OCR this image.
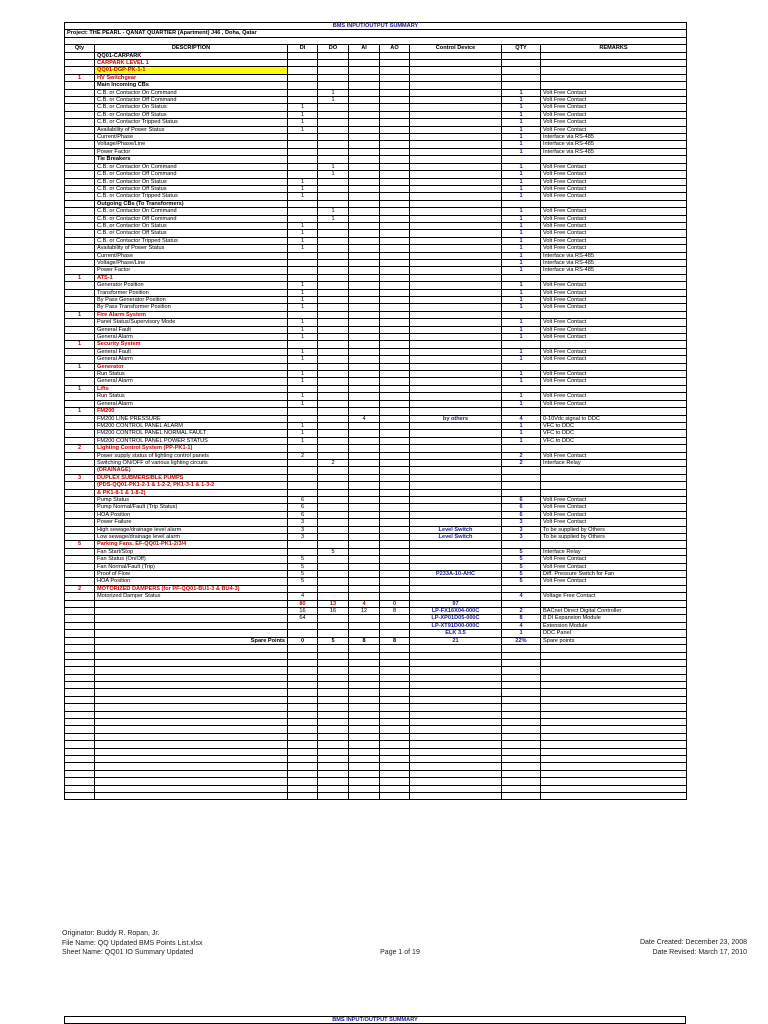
BMS INPUT/OUTPUT SUMMARY								
Project: THE PEARL - QANAT QUARTIER (Apartment) J46 , Doha, Qatar								

Qty	DESCRIPTION	DI	DO	AI	AO	Control Device	QTY	REMARKS
	QQ01-CARPARK							
	CARPARK LEVEL 1							
	QQ01-DGP-PK-1-1							
1	HV Switchgear							
	Main Incoming CBs							
	C.B. or Contactor On Command		1				1	Volt Free Contact
	C.B. or Contactor Off Command		1				1	Volt Free Contact
	C.B. or Contactor On Status	1					1	Volt Free Contact
	C.B. or Contactor Off Status	1					1	Volt Free Contact
	C.B. or Contactor Tripped Status	1					1	Volt Free Contact
	Availability of Power Status	1					1	Volt Free Contact
	Current/Phase						1	Interface via RS-485
	Voltage/Phase/Line						1	Interface via RS-485
	Power Factor						1	Interface via RS-485
	Tie Breakers							
	C.B. or Contactor On Command		1				1	Volt Free Contact
	C.B. or Contactor Off Command		1				1	Volt Free Contact
	C.B. or Contactor On Status	1					1	Volt Free Contact
	C.B. or Contactor Off Status	1					1	Volt Free Contact
	C.B. or Contactor Tripped Status	1					1	Volt Free Contact
	Outgoing CBs (To Transformers)							
	C.B. or Contactor On Command		1				1	Volt Free Contact
	C.B. or Contactor Off Command		1				1	Volt Free Contact
	C.B. or Contactor On Status	1					1	Volt Free Contact
	C.B. or Contactor Off Status	1					1	Volt Free Contact
	C.B. or Contactor Tripped Status	1					1	Volt Free Contact
	Availability of Power Status	1					1	Volt Free Contact
	Current/Phase						1	Interface via RS-485
	Voltage/Phase/Line						1	Interface via RS-485
	Power Factor						1	Interface via RS-485
1	ATS-1							
	Generator Position	1					1	Volt Free Contact
	Transformer Position	1					1	Volt Free Contact
	By Pass Generator Position	1					1	Volt Free Contact
	By Pass Transformer Position	1					1	Volt Free Contact
1	Fire Alarm System							
	Panel Status/Supervisory Mode	1					1	Volt Free Contact
	General Fault	1					1	Volt Free Contact
	General Alarm	1					1	Volt Free Contact
1	Security System							
	General Fault	1					1	Volt Free Contact
	General Alarm	1					1	Volt Free Contact
1	Generator							
	Run Status	1					1	Volt Free Contact
	General Alarm	1					1	Volt Free Contact
1	Lifts							
	Run Status	1					1	Volt Free Contact
	General Alarm	1					1	Volt Free Contact
1	FM200							
	FM200 LINE PRESSURE			4		by others	4	0-10Vdc signal to DDC
	FM200 CONTROL PANEL ALARM	1					1	VFC to DDC
	FM200 CONTROL PANEL NORMAL FAULT	1					1	VFC to DDC
	FM200 CONTROL PANEL POWER STATUS	1					1	VFC to DDC
2	Lighting Control System (PP-PK1-1)							
	Power supply status of lighting control panels	2					2	Volt Free Contact
	Switching ON/OFF of various lighting circuits		2				2	Interface Relay
	(DRAINAGE)							
3	DUPLEX SUBMERSIBLE PUMPS							
	(PDS-QQ01-PK1-2-1 & 1-2-2, PK1-3-1 & 1-3-2							
	& PK1-8-1 & 1-8-2)							
	Pump Status	6					6	Volt Free Contact
	Pump Normal/Fault (Trip Status)	6					6	Volt Free Contact
	HOA Position	6					6	Volt Free Contact
	Power Failure	3					3	Volt Free Contact
	High sewage/drainage level alarm	3				Level Switch	3	To be supplied by Others
	Low sewage/drainage level alarm	3				Level Switch	3	To be supplied by Others
5	Parking Fans, EF-QQ01-PK1-2/3/4							
	Fan Start/Stop		5				5	Interface Relay
	Fan Status (On/Off)	5					5	Volt Free Contact
	Fan Normal/Fault (Trip)	5					5	Volt Free Contact
	Proof of Flow	5				P233A-10-AHC	5	Diff. Pressure Switch for Fan
	HOA Position	5					5	Volt Free Contact
2	MOTORIZED DAMPERS (for PF-QQ01-BU1-3 & BU4-3)							
	Motorized Damper Status	4					4	Voltage Free Contact
		80	13	4	0	97		
		16	16	12	8	LP-FX16X04-000C	2	BACnet Direct Digital Controller
		64				LP-XP01D05-000C	8	8 DI Expansion Module
						LP-XT91D00-000C	4	Extension Module
						ELK 3.5	1	DDC Panel
	Spare Points	0	5	8	8	21	22%	Spare points

Originator: Buddy R. Ropan, Jr.
File Name: QQ Updated BMS Points List.xlsx
Sheet Name: QQ01 IO Summary Updated	Page 1 of 19
Date Created: December 23, 2008
Date Revised: March 17, 2010
BMS INPUT/OUTPUT SUMMARY
